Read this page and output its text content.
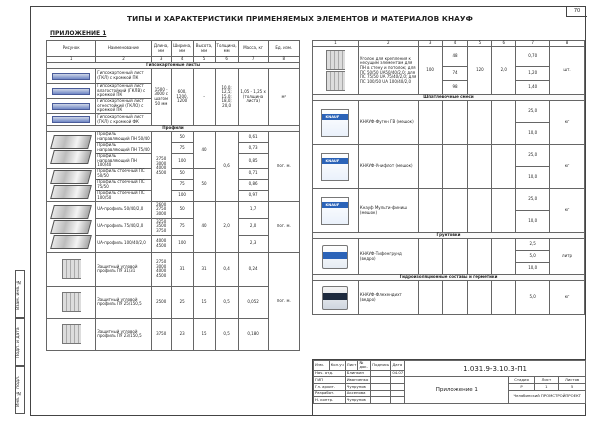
70
ТИПЫ И ХАРАКТЕРИСТИКИ ПРИМЕНЯЕМЫХ ЭЛЕМЕНТОВ И МАТЕРИАЛОВ КНАУФ
ПРИЛОЖЕНИЕ 1
Взам. инв. №
Подп. и дата
Инв. № подл.
Рисунок	Наименование	Длина, мм	Ширина, мм	Высота, мм	Толщина, мм	Масса, кг	Ед. изм.
1	2	3	4	5	6	7	8
Гипсокартонные листы							

	Гипсокартонный лист (ГКЛ) с кромкой ПК	1500 - 3000 с шагом 50 мм	600, 1200, 1200	–	10,0; 12,5; 15,0; 18,0; 20,0	1,05 - 1,25 x (толщина листа)	м²

	Гипсокартонный лист влагостойкий (ГКЛВ) с кромкой ПК						

	Гипсокартонный лист огнестойкий (ГКЛО) с кромкой ПК						

	Гипсокартонный лист (ГКЛ) с кромкой ФК						
Профили							

	Профиль направляющий ПН 50/40	2750 3000 4000 4500	50	40	0,6	0,61	пог. м.
	Профиль направляющий ПН 75/40		75			0,73	
	Профиль направляющий ПН 100/40		100			0,85	

	Профиль стоечный ПС 50/50		50	50		0,71	
	Профиль стоечный ПС 75/50		75			0,86	
	Профиль стоечный ПС 100/50		100			0,97	

	UA-профиль 50/40/2,0	2600 2750 3000	50	40	2,0	1,7	пог. м.
	UA-профиль 75/40/2,0	3250 3500 3750	75			2,0	
	UA-профиль 100/40/2,0	4000 4500	100			2,3	

	Защитный угловой профиль ПУ 31/31	2750 3000 4000 4500	31	31	0,4	0,24	пог. м.

	Защитный угловой профиль ПУ 25/150,5	2500	25	15	0,5	0,052	

	Защитный угловой профиль ПУ 23/150,5	3750	23	15	0,5	0,180	
1	2	3	4	5	6	7	8

	Уголок для крепления к несущим элементам для ПН в стену и потолок; для ПС 50/50 UA50/40/2,0; для ПС 75/50 UA 75/40/2,0; для ПС 100/50 UA 100/40/2,0	100	48	120	2,0	0,70	шт.
			74			1,20	
			98			1,40	
Шпатлевочные смеси							

KNAUF	КНАУФ-Фуген ГВ (мешок)					25,0	кг
						10,0	

KNAUF	КНАУФ-Унифлот (мешок)					25,0	кг
						10,0	

KNAUF	Кнауф Мульти-финиш (мешок)					25,0	кг
						10,0	
Грунтовки							

	КНАУФ-Тифенгрунд (ведро)					2,5	литр
						5,0	
						10,0	
Гидроизоляционные составы и герметики							

	КНАУФ-Флехендихт (ведро)					5,0	кг
Изм.	Кол.уч	Лист	№ док.	Подпись	Дата	1.031.9-3.10.3-П1			
Нач. отд.		Блинкин			04.07				
ГИП		Иванченко				Приложение 1	Стадия	Лист	Листов
Гл. архит.		Чупрунов					Р	1	5
Разработ.		Аксенова					Челябинский ПРОМСТРОЙПРОЕКТ		
Н. контр.		Чупрунов							
